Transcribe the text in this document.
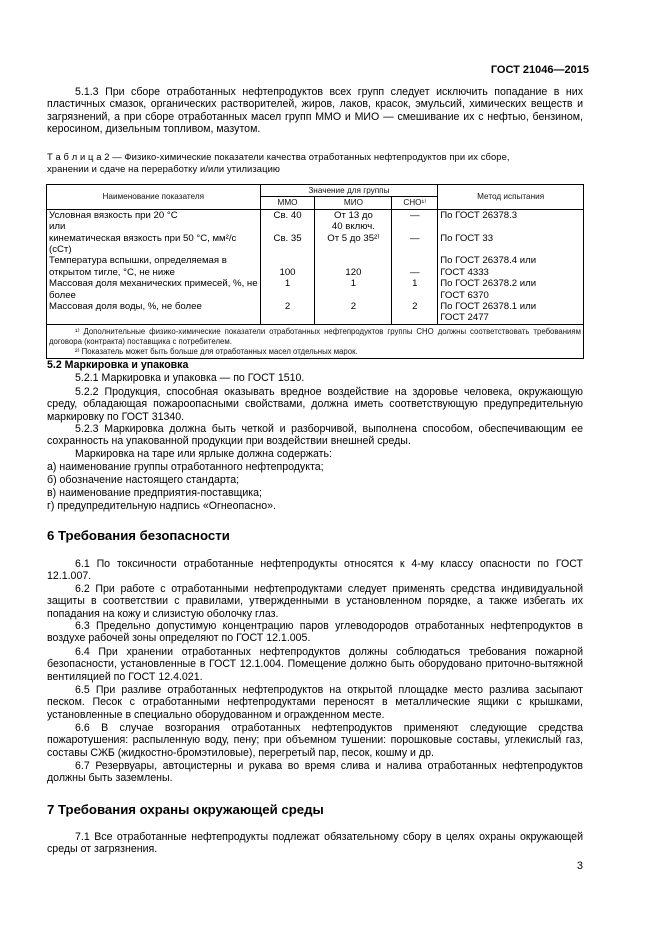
ГОСТ 21046—2015
5.1.3 При сборе отработанных нефтепродуктов всех групп следует исключить попадание в них пластичных смазок, органических растворителей, жиров, лаков, красок, эмульсий, химических веществ и загрязнений, а при сборе отработанных масел групп ММО и МИО — смешивание их с нефтью, бензином, керосином, дизельным топливом, мазутом.
Т а б л и ц а 2 — Физико-химические показатели качества отработанных нефтепродуктов при их сборе,
хранении и сдаче на переработку и/или утилизацию
Наименование показателя	Значение для группы			Метод испытания
	ММО	МИО	СНО¹⁾	
Условная вязкость при 20 °С	Св. 40	От 13 до	—	По ГОСТ 26378.3
или		40 включ.		
кинематическая вязкость при 50 °С, мм²/с (сСт)	Св. 35	От 5 до 35²⁾	—	По ГОСТ 33
Температура вспышки, определяемая в				По ГОСТ 26378.4 или
открытом тигле, °С, не ниже	100	120	—	ГОСТ 4333
Массовая доля механических примесей, %, не	1	1	1	По ГОСТ 26378.2 или
более				ГОСТ 6370
Массовая доля воды, %, не более	2	2	2	По ГОСТ 26378.1 или
				ГОСТ 2477

¹⁾ Дополнительные физико-химические показатели отработанных нефтепродуктов группы СНО должны соответствовать требованиям договора (контракта) поставщика с потребителем.
²⁾ Показатель может быть больше для отработанных масел отдельных марок.				
5.2 Маркировка и упаковка
5.2.1 Маркировка и упаковка — по ГОСТ 1510.
5.2.2 Продукция, способная оказывать вредное воздействие на здоровье человека, окружающую среду, обладающая пожароопасными свойствами, должна иметь соответствующую предупредительную маркировку по ГОСТ 31340.
5.2.3 Маркировка должна быть четкой и разборчивой, выполнена способом, обеспечивающим ее сохранность на упакованной продукции при воздействии внешней среды.
Маркировка на таре или ярлыке должна содержать:
а) наименование группы отработанного нефтепродукта;
б) обозначение настоящего стандарта;
в) наименование предприятия-поставщика;
г) предупредительную надпись «Огнеопасно».
6 Требования безопасности
6.1 По токсичности отработанные нефтепродукты относятся к 4-му классу опасности по ГОСТ 12.1.007.
6.2 При работе с отработанными нефтепродуктами следует применять средства индивидуальной защиты в соответствии с правилами, утвержденными в установленном порядке, а также избегать их попадания на кожу и слизистую оболочку глаз.
6.3 Предельно допустимую концентрацию паров углеводородов отработанных нефтепродуктов в воздухе рабочей зоны определяют по ГОСТ 12.1.005.
6.4 При хранении отработанных нефтепродуктов должны соблюдаться требования пожарной безопасности, установленные в ГОСТ 12.1.004. Помещение должно быть оборудовано приточно-вытяжной вентиляцией по ГОСТ 12.4.021.
6.5 При разливе отработанных нефтепродуктов на открытой площадке место разлива засыпают песком. Песок с отработанными нефтепродуктами переносят в металлические ящики с крышками, установленные в специально оборудованном и огражденном месте.
6.6 В случае возгорания отработанных нефтепродуктов применяют следующие средства пожаротушения: распыленную воду, пену; при объемном тушении: порошковые составы, углекислый газ, составы СЖБ (жидкостно-бромэтиловые), перегретый пар, песок, кошму и др.
6.7 Резервуары, автоцистерны и рукава во время слива и налива отработанных нефтепродуктов должны быть заземлены.
7 Требования охраны окружающей среды
7.1 Все отработанные нефтепродукты подлежат обязательному сбору в целях охраны окружающей среды от загрязнения.
3
